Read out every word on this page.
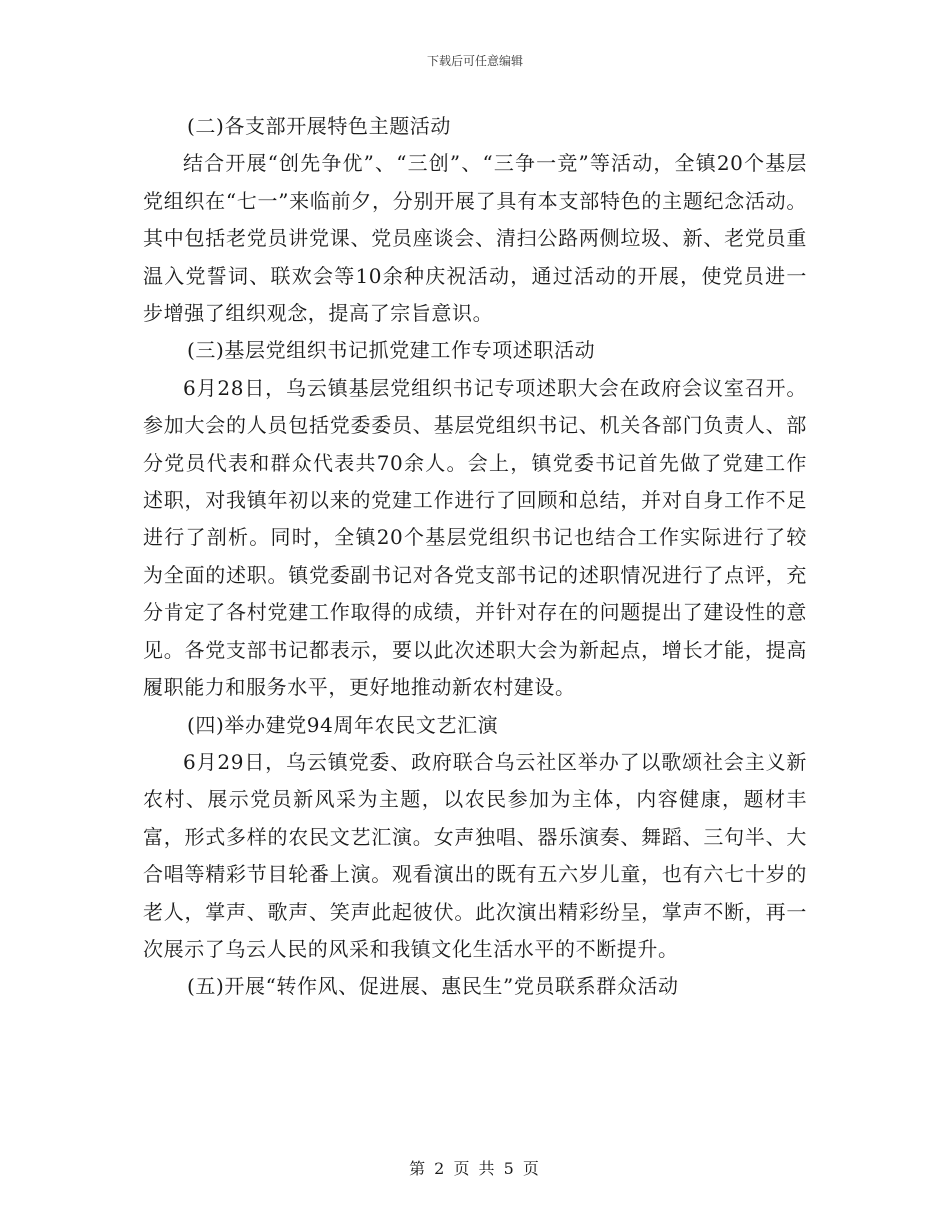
下载后可任意编辑

(二)各支部开展特色主题活动

结合开展“创先争优”、“三创”、“三争一竞”等活动，全镇20个基层党组织在“七一”来临前夕，分别开展了具有本支部特色的主题纪念活动。其中包括老党员讲党课、党员座谈会、清扫公路两侧垃圾、新、老党员重温入党誓词、联欢会等10余种庆祝活动，通过活动的开展，使党员进一步增强了组织观念，提高了宗旨意识。

(三)基层党组织书记抓党建工作专项述职活动

6月28日，乌云镇基层党组织书记专项述职大会在政府会议室召开。参加大会的人员包括党委委员、基层党组织书记、机关各部门负责人、部分党员代表和群众代表共70余人。会上，镇党委书记首先做了党建工作述职，对我镇年初以来的党建工作进行了回顾和总结，并对自身工作不足进行了剖析。同时，全镇20个基层党组织书记也结合工作实际进行了较为全面的述职。镇党委副书记对各党支部书记的述职情况进行了点评，充分肯定了各村党建工作取得的成绩，并针对存在的问题提出了建设性的意见。各党支部书记都表示，要以此次述职大会为新起点，增长才能，提高履职能力和服务水平，更好地推动新农村建设。

(四)举办建党94周年农民文艺汇演

6月29日，乌云镇党委、政府联合乌云社区举办了以歌颂社会主义新农村、展示党员新风采为主题，以农民参加为主体，内容健康，题材丰富，形式多样的农民文艺汇演。女声独唱、器乐演奏、舞蹈、三句半、大合唱等精彩节目轮番上演。观看演出的既有五六岁儿童，也有六七十岁的老人，掌声、歌声、笑声此起彼伏。此次演出精彩纷呈，掌声不断，再一次展示了乌云人民的风采和我镇文化生活水平的不断提升。

(五)开展“转作风、促进展、惠民生”党员联系群众活动

第 2 页 共 5 页
